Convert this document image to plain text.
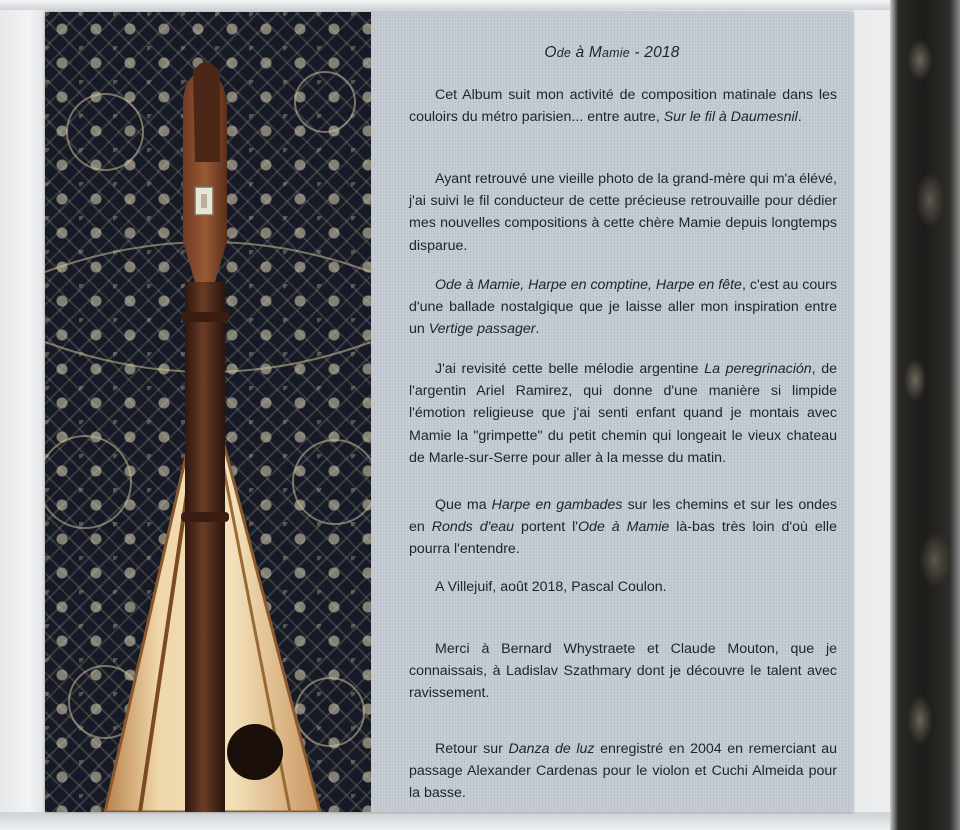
Ode à Mamie - 2018

Cet Album suit mon activité de composition matinale dans les couloirs du métro parisien... entre autre, Sur le fil à Daumesnil.

Ayant retrouvé une vieille photo de la grand-mère qui m'a élévé, j'ai suivi le fil conducteur de cette précieuse retrouvaille pour dédier mes nouvelles compositions à cette chère Mamie depuis longtemps disparue.

Ode à Mamie, Harpe en comptine, Harpe en fête, c'est au cours d'une ballade nostalgique que je laisse aller mon inspiration entre un Vertige passager.

J'ai revisité cette belle mélodie argentine La peregrinación, de l'argentin Ariel Ramirez, qui donne d'une manière si limpide l'émotion religieuse que j'ai senti enfant quand je montais avec Mamie la "grimpette" du petit chemin qui longeait le vieux chateau de Marle-sur-Serre pour aller à la messe du matin.

Que ma Harpe en gambades sur les chemins et sur les ondes en Ronds d'eau portent l'Ode à Mamie là-bas très loin d'où elle pourra l'entendre.

A Villejuif, août 2018, Pascal Coulon.

Merci à Bernard Whystraete et Claude Mouton, que je connaissais, à Ladislav Szathmary dont je découvre le talent avec ravissement.

Retour sur Danza de luz enregistré en 2004 en remerciant au passage Alexander Cardenas pour le violon et Cuchi Almeida pour la basse.
